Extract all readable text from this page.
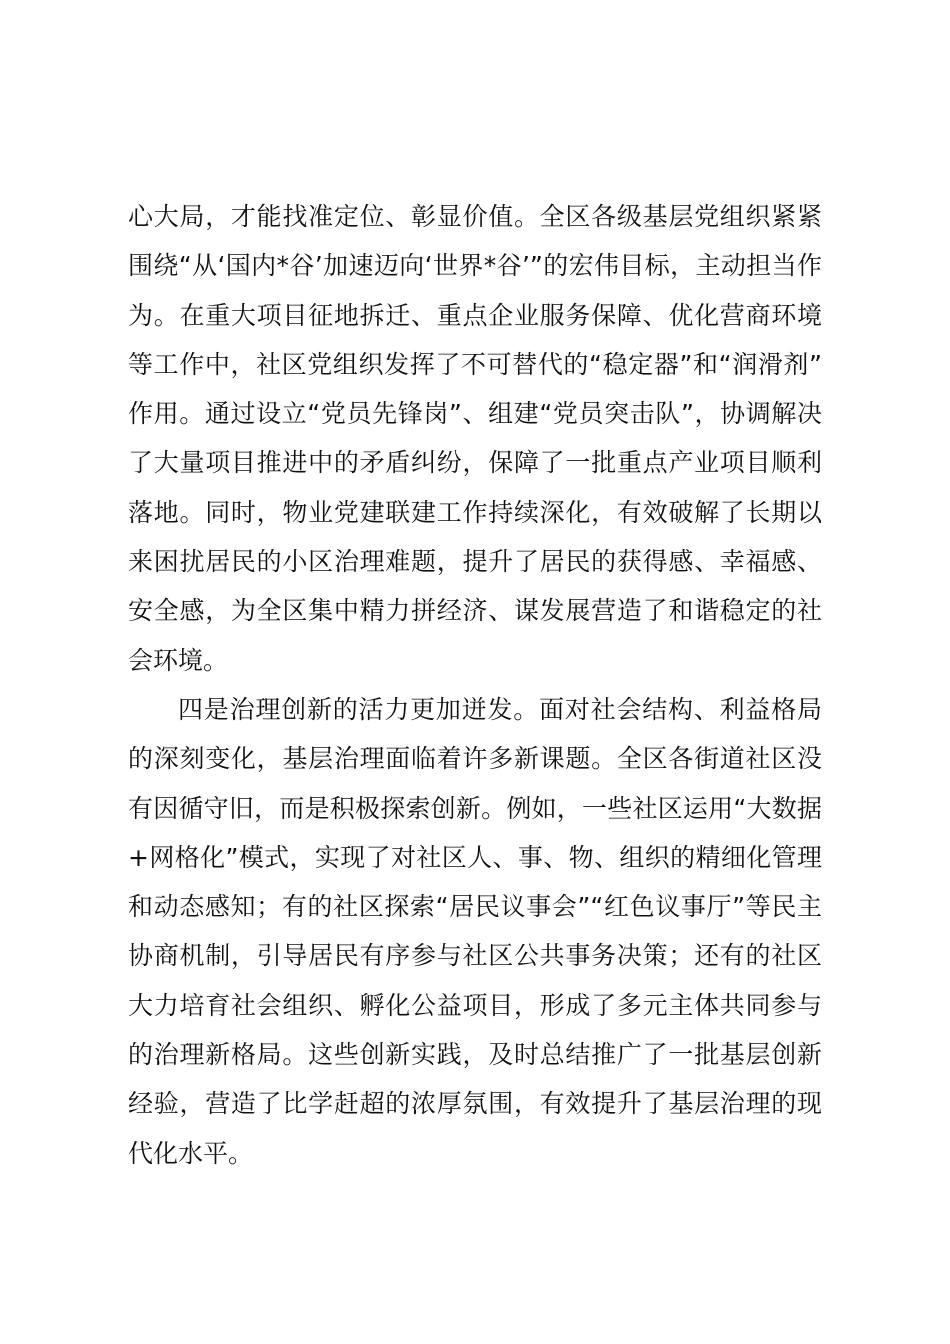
心大局，才能找准定位、彰显价值。全区各级基层党组织紧紧围绕“从‘国内*谷’加速迈向‘世界*谷’”的宏伟目标，主动担当作为。在重大项目征地拆迁、重点企业服务保障、优化营商环境等工作中，社区党组织发挥了不可替代的“稳定器”和“润滑剂”作用。通过设立“党员先锋岗”、组建“党员突击队”，协调解决了大量项目推进中的矛盾纠纷，保障了一批重点产业项目顺利落地。同时，物业党建联建工作持续深化，有效破解了长期以来困扰居民的小区治理难题，提升了居民的获得感、幸福感、安全感，为全区集中精力拼经济、谋发展营造了和谐稳定的社会环境。

四是治理创新的活力更加迸发。面对社会结构、利益格局的深刻变化，基层治理面临着许多新课题。全区各街道社区没有因循守旧，而是积极探索创新。例如，一些社区运用“大数据+网格化”模式，实现了对社区人、事、物、组织的精细化管理和动态感知；有的社区探索“居民议事会”“红色议事厅”等民主协商机制，引导居民有序参与社区公共事务决策；还有的社区大力培育社会组织、孵化公益项目，形成了多元主体共同参与的治理新格局。这些创新实践，及时总结推广了一批基层创新经验，营造了比学赶超的浓厚氛围，有效提升了基层治理的现代化水平。
